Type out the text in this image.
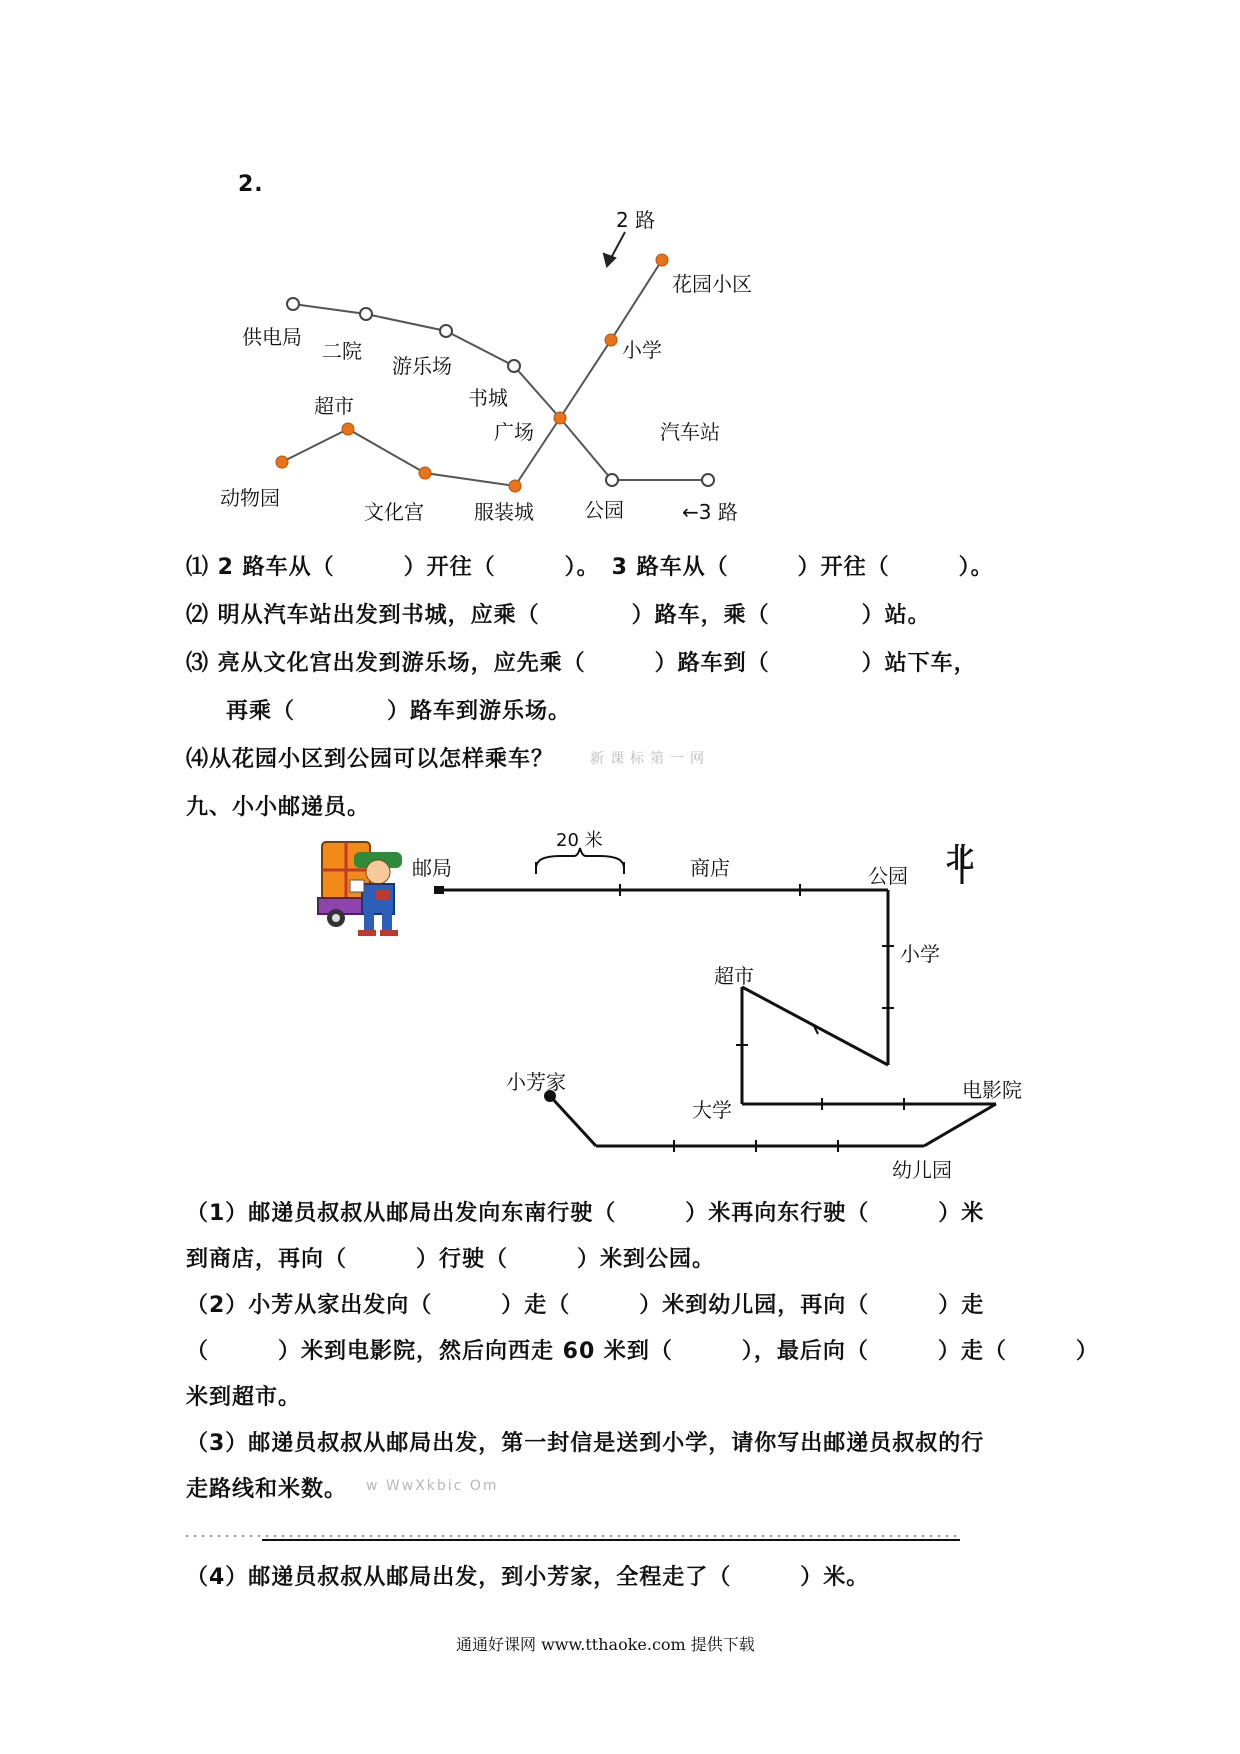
2.
2 路
花园小区
小学
供电局
二院
游乐场
书城
广场	汽车站
超市
动物园
文化宫	服装城	公园	←3 路
⑴ 2 路车从（　　　）开往（　　　）。　3 路车从（　　　）开往（　　　）。
⑵ 明从汽车站出发到书城，应乘（　　　　）路车，乘（　　　　）站。
⑶ 亮从文化宫出发到游乐场，应先乘（　　　）路车到（　　　　）站下车，
再乘（　　　　）路车到游乐场。
⑷从花园小区到公园可以怎样乘车？	新课标第一网
九、小小邮递员。
邮局
20 米
商店	公园
北
小学
超市
小芳家
大学
电影院
幼儿园
（1）邮递员叔叔从邮局出发向东南行驶（　　　）米再向东行驶（　　　）米
到商店，再向（　　　）行驶（　　　）米到公园。
（2）小芳从家出发向（　　　）走（　　　）米到幼儿园，再向（　　　）走
（　　　）米到电影院，然后向西走 60 米到（　　　），最后向（　　　）走（　　　）
米到超市。
（3）邮递员叔叔从邮局出发，第一封信是送到小学，请你写出邮递员叔叔的行
走路线和米数。 w WwXkbic Om
（4）邮递员叔叔从邮局出发，到小芳家，全程走了（　　　）米。
通通好课网 www.tthaoke.com 提供下载
